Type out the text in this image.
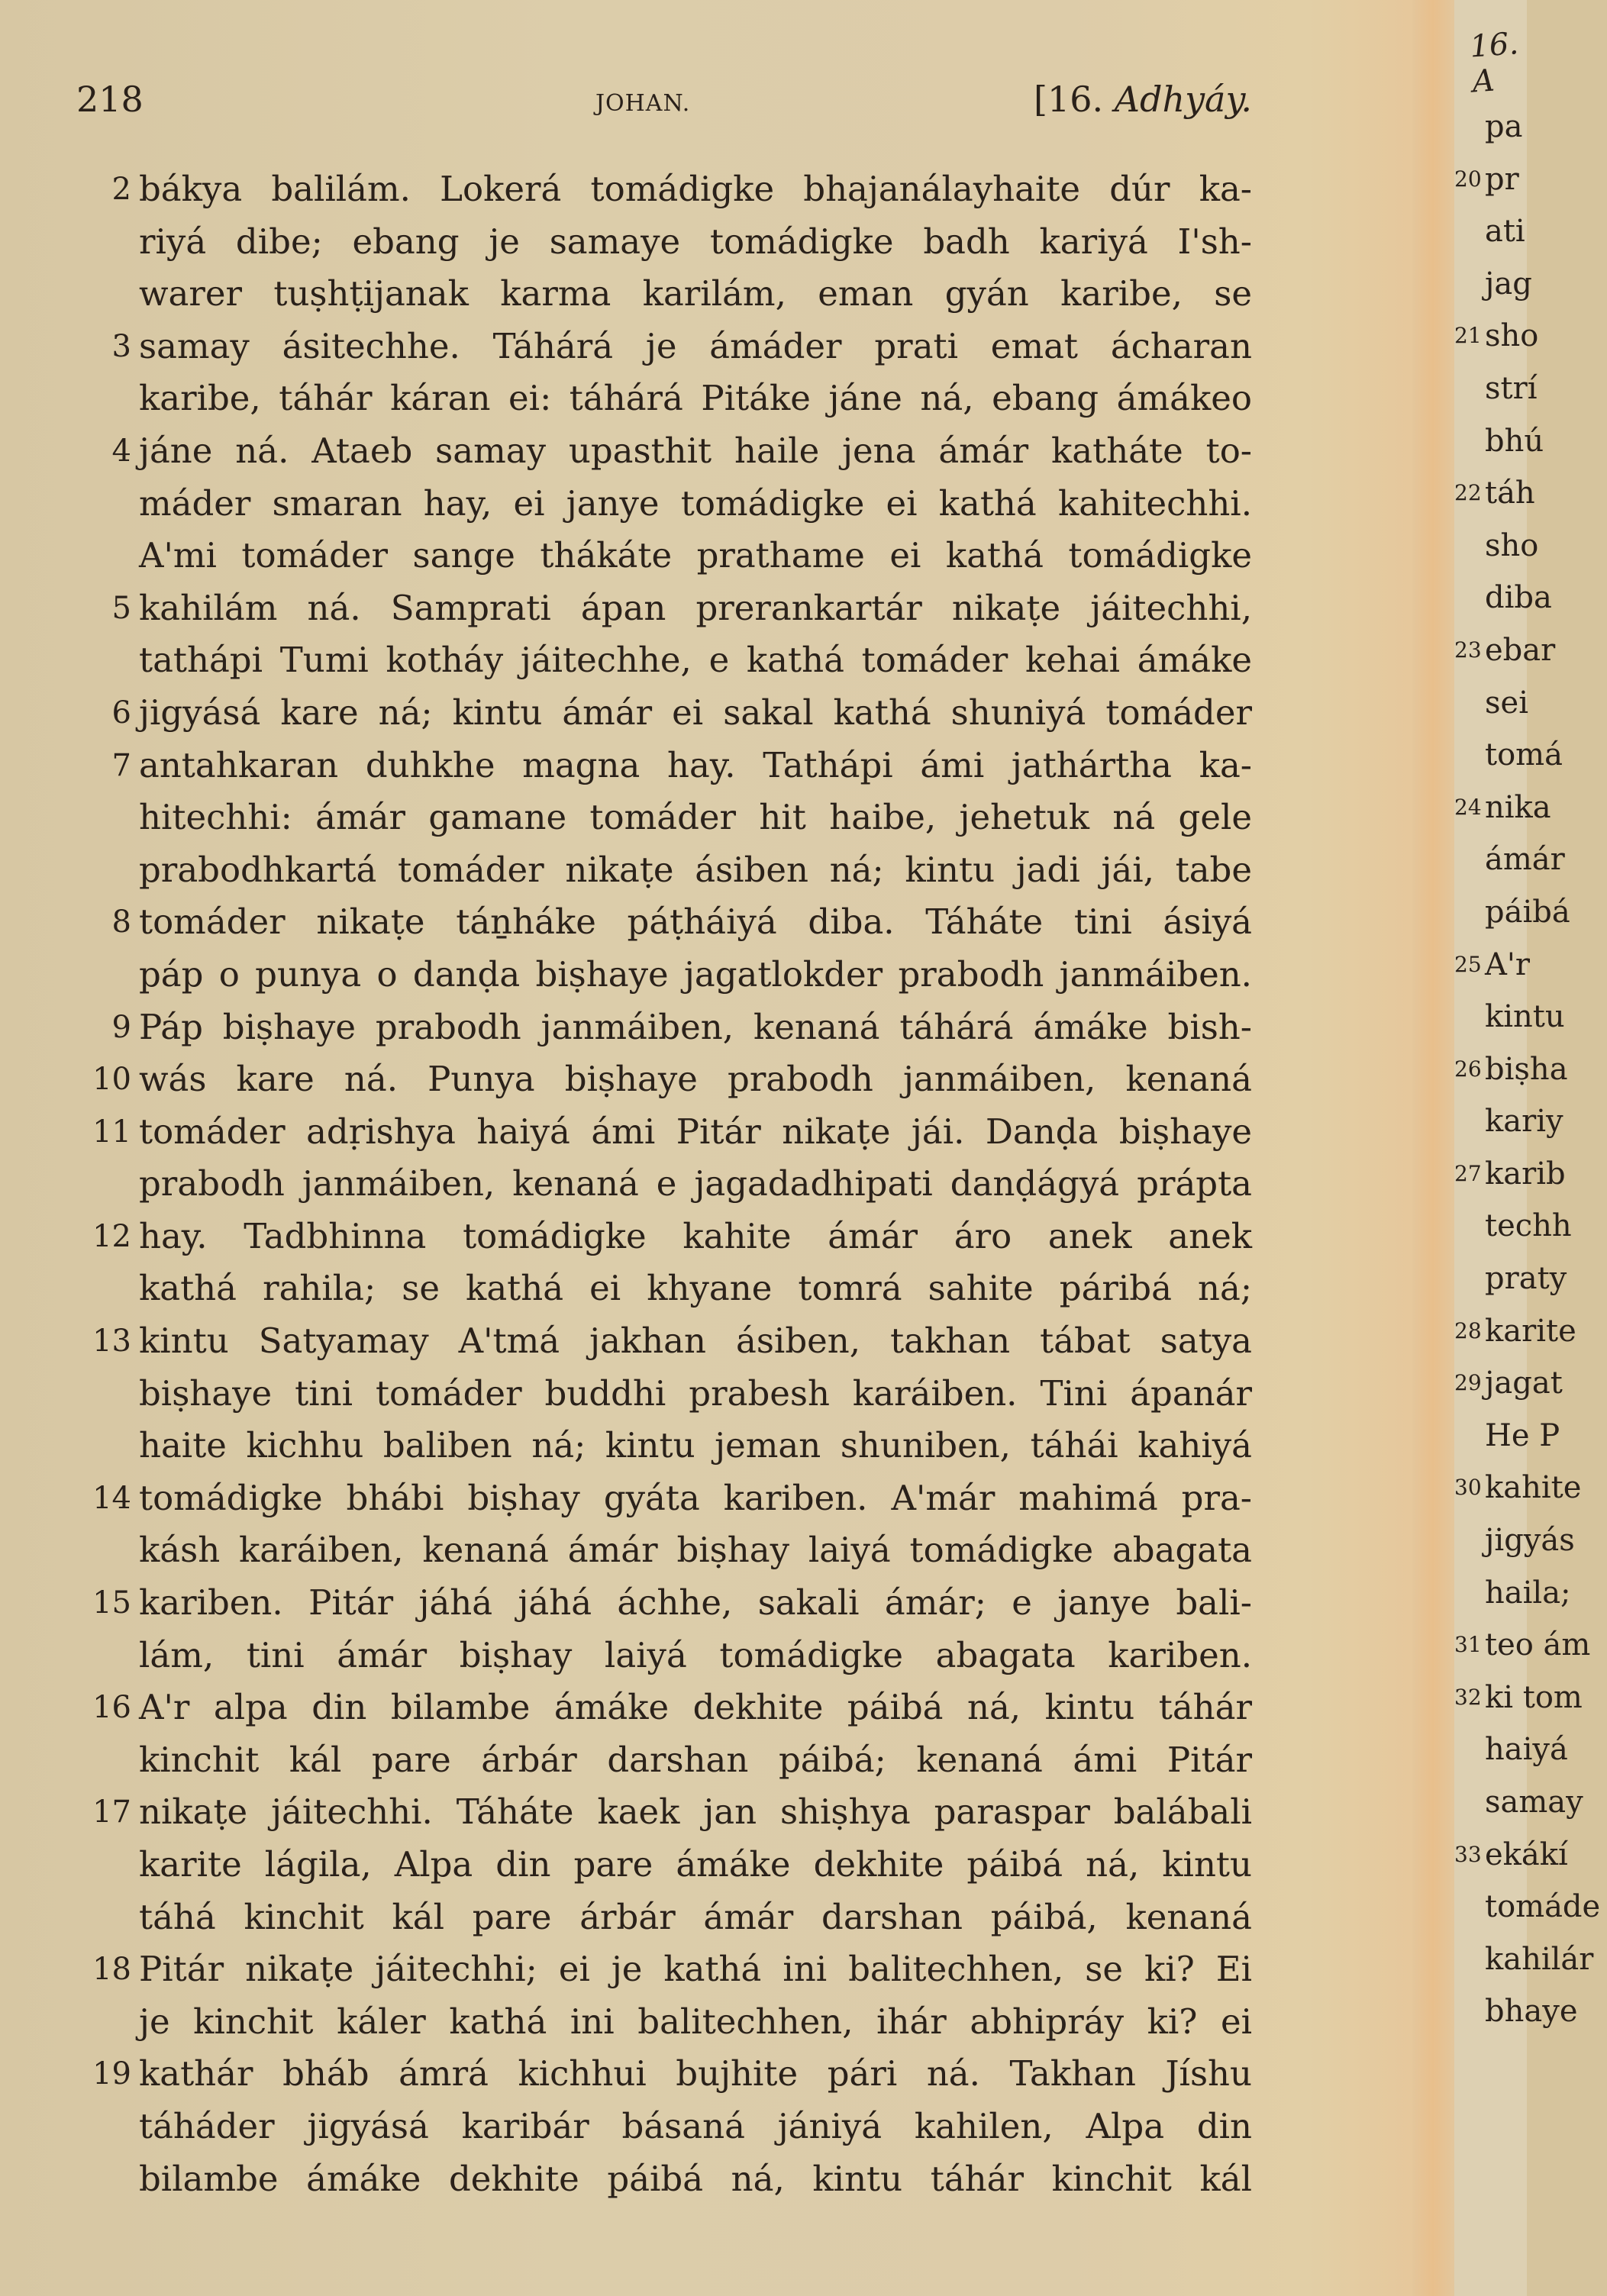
218	JOHAN.	[16. Adhyáy.
2 bákya balilám. Lokerá tomádigke bhajanálayhaite dúr ka-
riyá dibe; ebang je samaye tomádigke badh kariyá I'sh-
warer tuṣhṭijanak karma karilám, eman gyán karibe, se
3 samay ásitechhe. Táhárá je ámáder prati emat ácharan
karibe, táhár káran ei: táhárá Pitáke jáne ná, ebang ámákeo
4 jáne ná. Ataeb samay upasthit haile jena ámár katháte to-
máder smaran hay, ei janye tomádigke ei kathá kahitechhi.
A'mi tomáder sange thákáte prathame ei kathá tomádigke
5 kahilám ná. Samprati ápan prerankartár nikaṭe jáitechhi,
tathápi Tumi kotháy jáitechhe, e kathá tomáder kehai ámáke
6 jigyásá kare ná; kintu ámár ei sakal kathá shuniyá tomáder
7 antahkaran duhkhe magna hay. Tathápi ámi jathártha ka-
hitechhi: ámár gamane tomáder hit haibe, jehetuk ná gele
prabodhkartá tomáder nikaṭe ásiben ná; kintu jadi jái, tabe
8 tomáder nikaṭe táṉháke páṭháiyá diba. Táháte tini ásiyá
páp o punya o danḍa biṣhaye jagatlokder prabodh janmáiben.
9 Páp biṣhaye prabodh janmáiben, kenaná táhárá ámáke bish-
10 wás kare ná. Punya biṣhaye prabodh janmáiben, kenaná
11 tomáder adṛishya haiyá ámi Pitár nikaṭe jái. Danḍa biṣhaye
prabodh janmáiben, kenaná e jagadadhipati danḍágyá prápta
12 hay. Tadbhinna tomádigke kahite ámár áro anek anek
kathá rahila; se kathá ei khyane tomrá sahite páribá ná;
13 kintu Satyamay A'tmá jakhan ásiben, takhan tábat satya
biṣhaye tini tomáder buddhi prabesh karáiben. Tini ápanár
haite kichhu baliben ná; kintu jeman shuniben, táhái kahiyá
14 tomádigke bhábi biṣhay gyáta kariben. A'már mahimá pra-
kásh karáiben, kenaná ámár biṣhay laiyá tomádigke abagata
15 kariben. Pitár jáhá jáhá áchhe, sakali ámár; e janye bali-
lám, tini ámár biṣhay laiyá tomádigke abagata kariben.
16 A'r alpa din bilambe ámáke dekhite páibá ná, kintu táhár
kinchit kál pare árbár darshan páibá; kenaná ámi Pitár
17 nikaṭe jáitechhi. Táháte kaek jan shiṣhya paraspar balábali
karite lágila, Alpa din pare ámáke dekhite páibá ná, kintu
táhá kinchit kál pare árbár ámár darshan páibá, kenaná
18 Pitár nikaṭe jáitechhi; ei je kathá ini balitechhen, se ki? Ei
je kinchit káler kathá ini balitechhen, ihár abhipráy ki? ei
19 kathár bháb ámrá kichhui bujhite pári ná. Takhan Jíshu
táháder jigyásá karibár básaná jániyá kahilen, Alpa din
bilambe ámáke dekhite páibá ná, kintu táhár kinchit kál
16. A
pa
20 pr
ati
jag
21 sho
strí
bhú
22 táh
sho
diba
23 ebar
sei
tomá
24 nika
ámár
páibá
25 A'r
kintu
26 biṣha
kariy
27 karib
techh
praty
28 karite
29 jagat
He P
30 kahite
jigyás
haila;
31 teo ám
32 ki tom
haiyá
samay
33 ekákí
tomáde
kahilár
bhaye
